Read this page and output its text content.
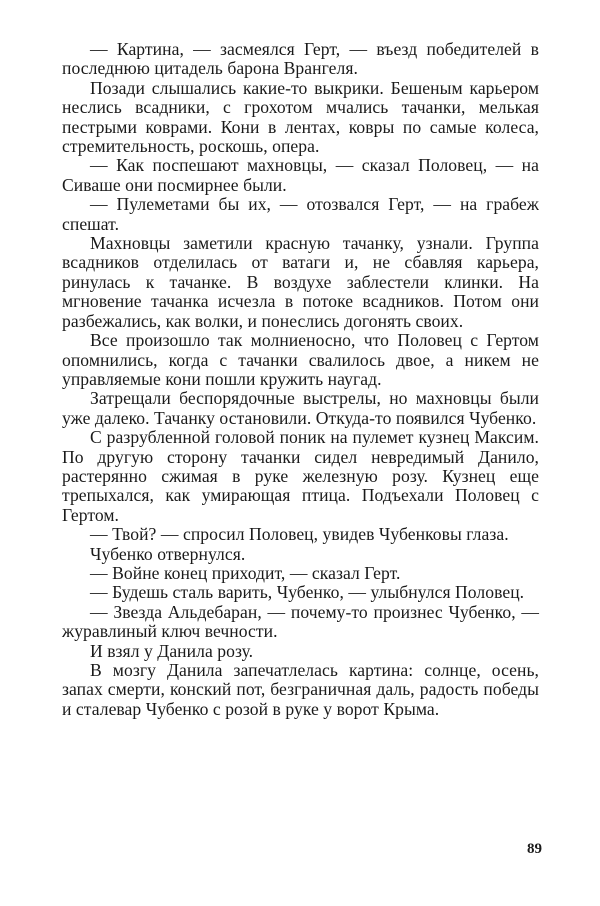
— Картина, — засмеялся Герт, — въезд победителей в последнюю цитадель барона Врангеля.

Позади слышались какие-то выкрики. Бешеным карьером неслись всадники, с грохотом мчались тачанки, мелькая пестрыми коврами. Кони в лентах, ковры по самые колеса, стремительность, роскошь, опера.

— Как поспешают махновцы, — сказал Половец, — на Сиваше они посмирнее были.

— Пулеметами бы их, — отозвался Герт, — на грабеж спешат.

Махновцы заметили красную тачанку, узнали. Группа всадников отделилась от ватаги и, не сбавляя карьера, ринулась к тачанке. В воздухе заблестели клинки. На мгновение тачанка исчезла в потоке всадников. Потом они разбежались, как волки, и понеслись догонять своих.

Все произошло так молниеносно, что Половец с Гертом опомнились, когда с тачанки свалилось двое, а никем не управляемые кони пошли кружить наугад.

Затрещали беспорядочные выстрелы, но махновцы были уже далеко. Тачанку остановили. Откуда-то появился Чубенко.

С разрубленной головой поник на пулемет кузнец Максим. По другую сторону тачанки сидел невредимый Данило, растерянно сжимая в руке железную розу. Кузнец еще трепыхался, как умирающая птица. Подъехали Половец с Гертом.

— Твой? — спросил Половец, увидев Чубенковы глаза.

Чубенко отвернулся.

— Войне конец приходит, — сказал Герт.

— Будешь сталь варить, Чубенко, — улыбнулся Половец.

— Звезда Альдебаран, — почему-то произнес Чубенко, — журавлиный ключ вечности.

И взял у Данила розу.

В мозгу Данила запечатлелась картина: солнце, осень, запах смерти, конский пот, безграничная даль, радость победы и сталевар Чубенко с розой в руке у ворот Крыма.

89
